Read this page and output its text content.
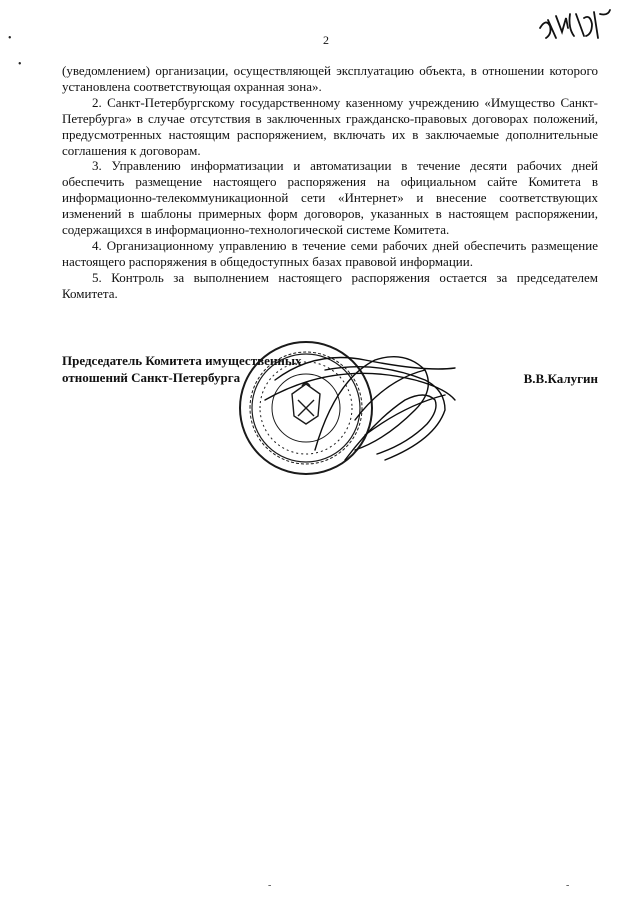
2
•
•	(уведомлением) организации, осуществляющей эксплуатацию объекта, в отношении которого установлена соответствующая охранная зона».

2. Санкт-Петербургскому государственному казенному учреждению «Имущество Санкт-Петербурга» в случае отсутствия в заключенных гражданско-правовых договорах положений, предусмотренных настоящим распоряжением, включать их в заключаемые дополнительные соглашения к договорам.

3. Управлению информатизации и автоматизации в течение десяти рабочих дней обеспечить размещение настоящего распоряжения на официальном сайте Комитета в информационно-телекоммуникационной сети «Интернет» и внесение соответствующих изменений в шаблоны примерных форм договоров, указанных в настоящем распоряжении, содержащихся в информационно-технологической системе Комитета.

4. Организационному управлению в течение семи рабочих дней обеспечить размещение настоящего распоряжения в общедоступных базах правовой информации.

5. Контроль за выполнением настоящего распоряжения остается за председателем Комитета.

Председатель Комитета имущественных
отношений Санкт-Петербурга	В.В.Калугин
-	-
